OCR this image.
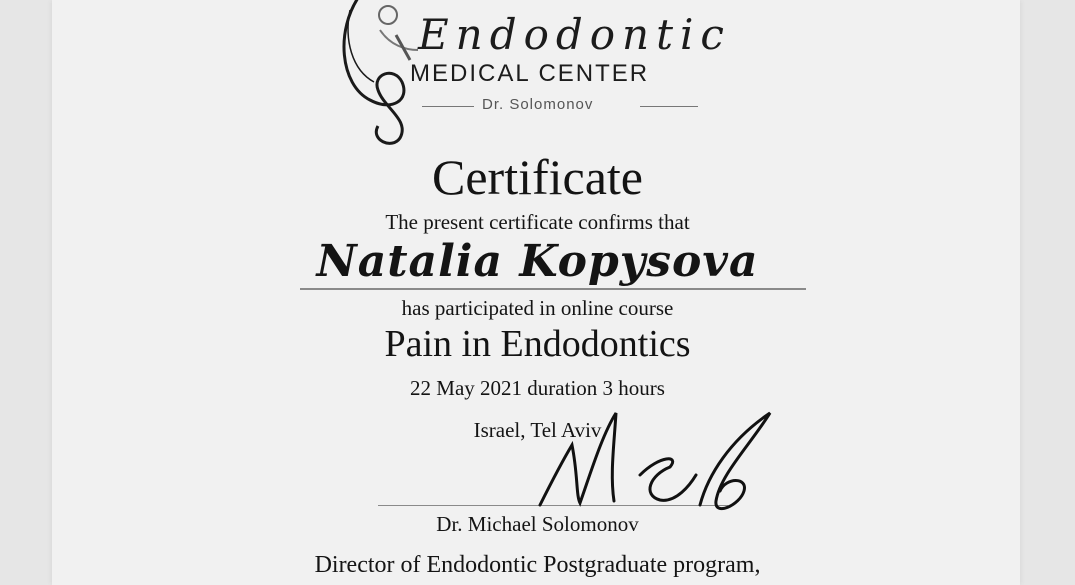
Endodontic
MEDICAL CENTER
Dr. Solomonov
Certificate
The present certificate confirms that
Natalia Kopysova
has participated in online course
Pain in Endodontics
22 May 2021 duration 3 hours
Israel, Tel Aviv
Dr. Michael Solomonov
Director of Endodontic Postgraduate program,
